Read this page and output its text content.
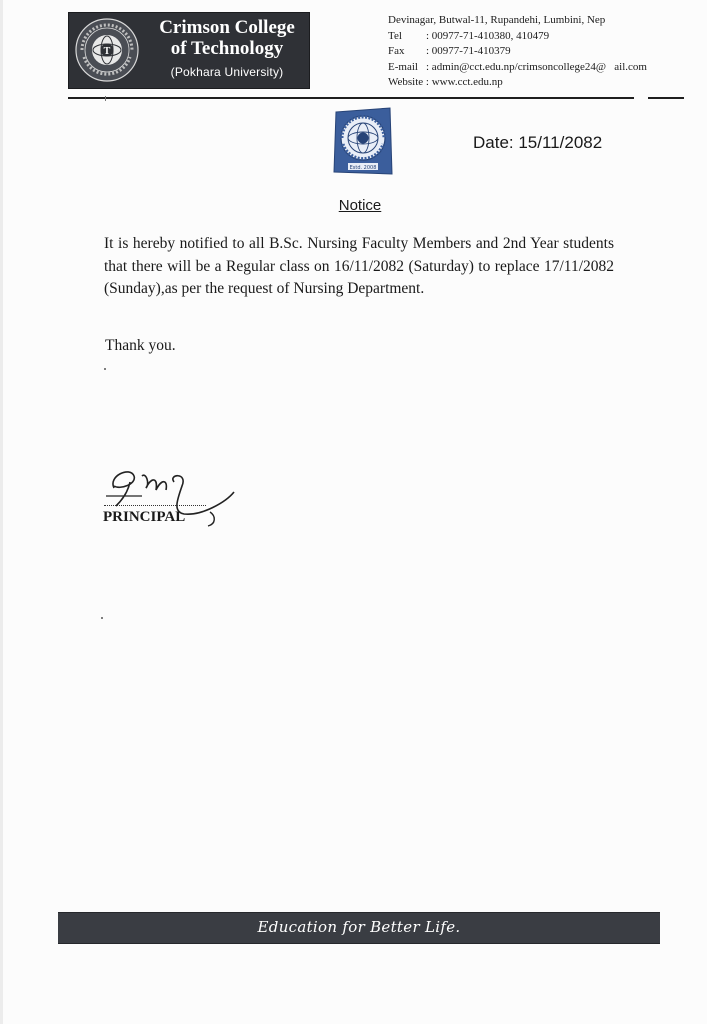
T
Crimson College
of Technology
(Pokhara University)
Devinagar, Butwal-11, Rupandehi, Lumbini, Nep
Tel : 00977-71-410380, 410479
Fax : 00977-71-410379
E-mail : admin@cct.edu.np/crimsoncollege24@ ail.com
Website : www.cct.edu.np
Estd. 2008
Date: 15/11/2082
Notice
It is hereby notified to all B.Sc. Nursing Faculty Members and 2nd Year students that there will be a Regular class on 16/11/2082 (Saturday) to replace 17/11/2082 (Sunday),as per the request of Nursing Department.
Thank you.
PRINCIPAL
Education for Better Life.
